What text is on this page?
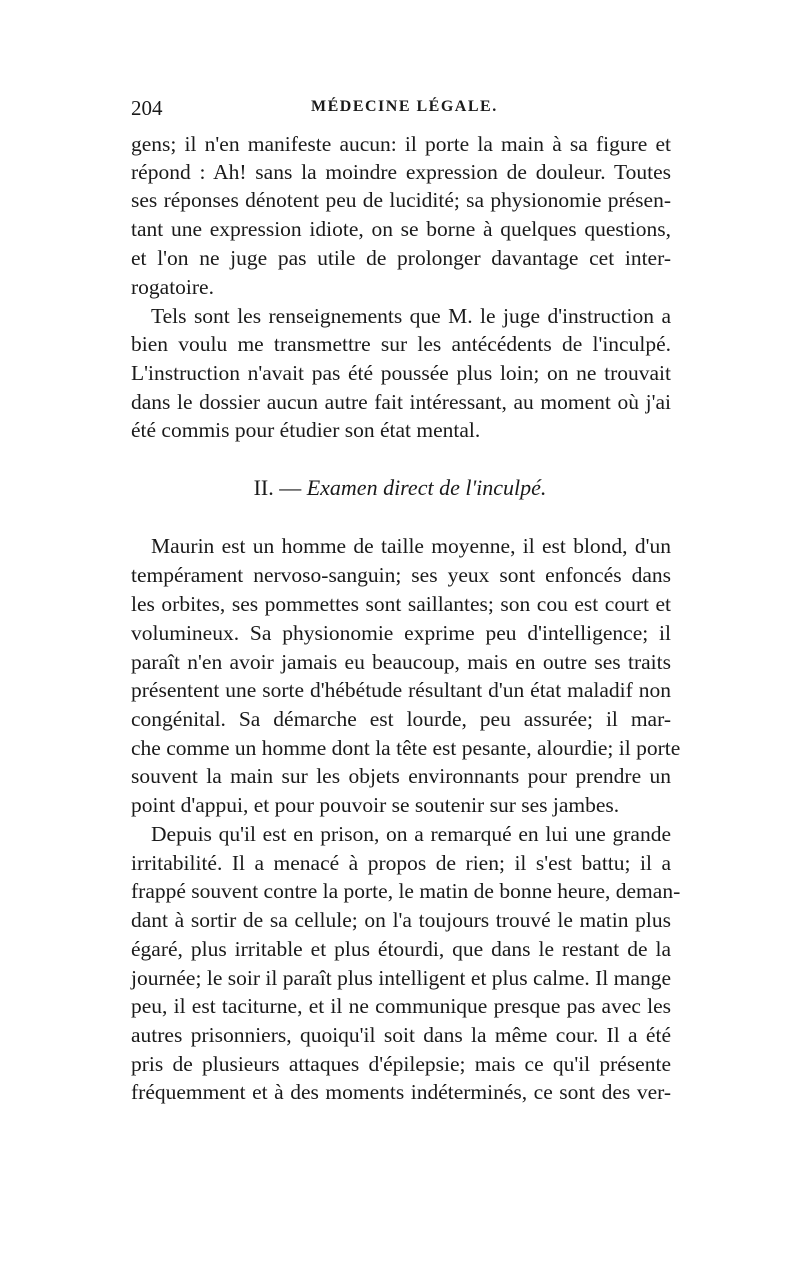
204	MÉDECINE LÉGALE.
gens; il n'en manifeste aucun: il porte la main à sa figure et
répond : Ah! sans la moindre expression de douleur. Toutes
ses réponses dénotent peu de lucidité; sa physionomie présen-
tant une expression idiote, on se borne à quelques questions,
et l'on ne juge pas utile de prolonger davantage cet inter-
rogatoire.
Tels sont les renseignements que M. le juge d'instruction a
bien voulu me transmettre sur les antécédents de l'inculpé.
L'instruction n'avait pas été poussée plus loin; on ne trouvait
dans le dossier aucun autre fait intéressant, au moment où j'ai
été commis pour étudier son état mental.
II. — Examen direct de l'inculpé.
Maurin est un homme de taille moyenne, il est blond, d'un
tempérament nervoso-sanguin; ses yeux sont enfoncés dans
les orbites, ses pommettes sont saillantes; son cou est court et
volumineux. Sa physionomie exprime peu d'intelligence; il
paraît n'en avoir jamais eu beaucoup, mais en outre ses traits
présentent une sorte d'hébétude résultant d'un état maladif non
congénital. Sa démarche est lourde, peu assurée; il mar-
che comme un homme dont la tête est pesante, alourdie; il porte
souvent la main sur les objets environnants pour prendre un
point d'appui, et pour pouvoir se soutenir sur ses jambes.
Depuis qu'il est en prison, on a remarqué en lui une grande
irritabilité. Il a menacé à propos de rien; il s'est battu; il a
frappé souvent contre la porte, le matin de bonne heure, deman-
dant à sortir de sa cellule; on l'a toujours trouvé le matin plus
égaré, plus irritable et plus étourdi, que dans le restant de la
journée; le soir il paraît plus intelligent et plus calme. Il mange
peu, il est taciturne, et il ne communique presque pas avec les
autres prisonniers, quoiqu'il soit dans la même cour. Il a été
pris de plusieurs attaques d'épilepsie; mais ce qu'il présente
fréquemment et à des moments indéterminés, ce sont des ver-
